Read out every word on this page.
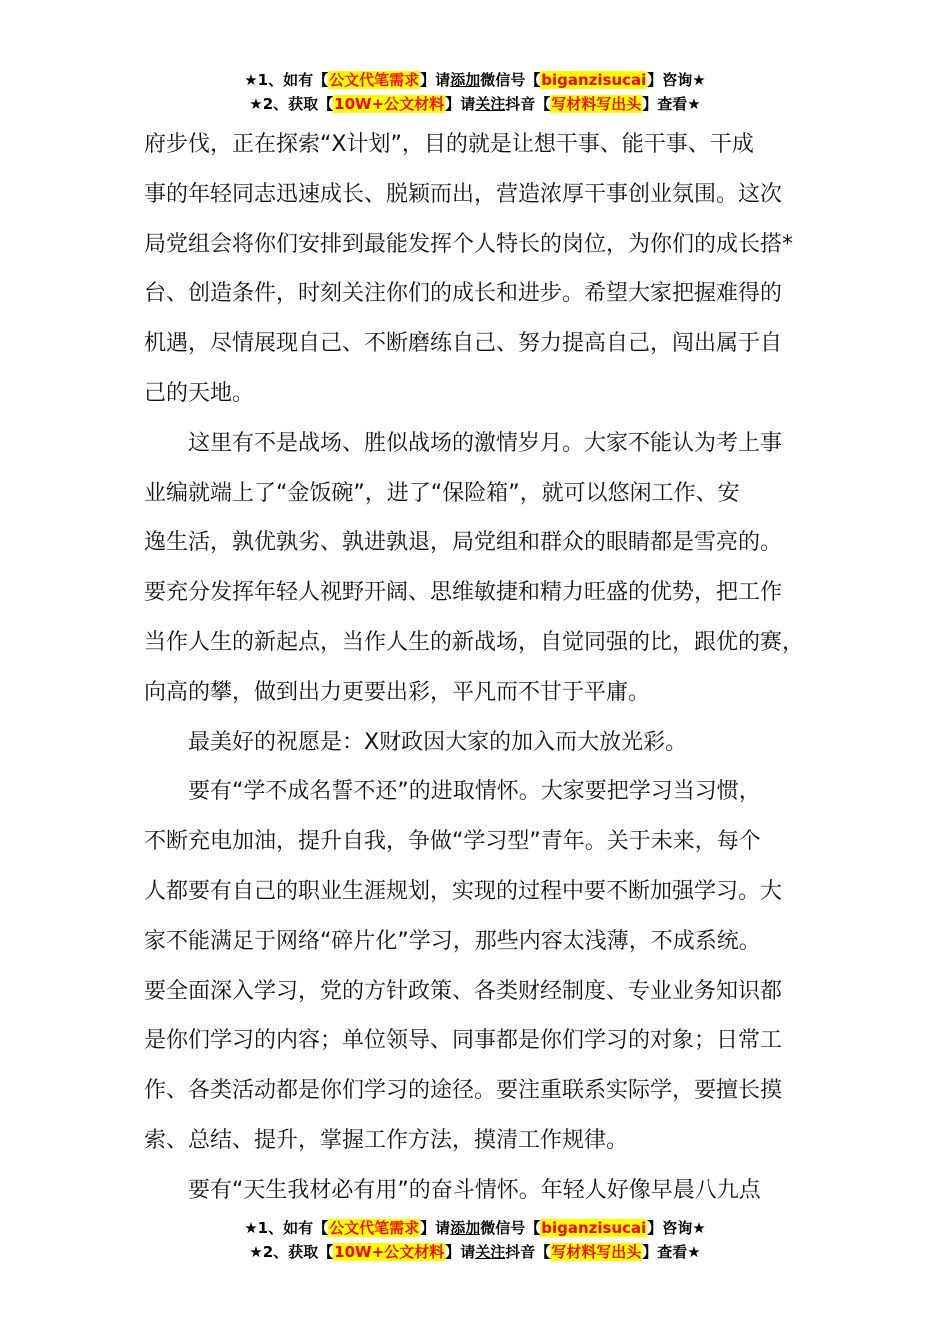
★1、如有【公文代笔需求】请添加微信号【biganzisucai】咨询★
★2、获取【10W+公文材料】请关注抖音【写材料写出头】查看★
府步伐，正在探索“X计划”，目的就是让想干事、能干事、干成
事的年轻同志迅速成长、脱颖而出，营造浓厚干事创业氛围。这次
局党组会将你们安排到最能发挥个人特长的岗位，为你们的成长搭*
台、创造条件，时刻关注你们的成长和进步。希望大家把握难得的
机遇，尽情展现自己、不断磨练自己、努力提高自己，闯出属于自
己的天地。
这里有不是战场、胜似战场的激情岁月。大家不能认为考上事
业编就端上了“金饭碗”，进了“保险箱”，就可以悠闲工作、安
逸生活，孰优孰劣、孰进孰退，局党组和群众的眼睛都是雪亮的。
要充分发挥年轻人视野开阔、思维敏捷和精力旺盛的优势，把工作
当作人生的新起点，当作人生的新战场，自觉同强的比，跟优的赛，
向高的攀，做到出力更要出彩，平凡而不甘于平庸。
最美好的祝愿是：X财政因大家的加入而大放光彩。
要有“学不成名誓不还”的进取情怀。大家要把学习当习惯，
不断充电加油，提升自我，争做“学习型”青年。关于未来，每个
人都要有自己的职业生涯规划，实现的过程中要不断加强学习。大
家不能满足于网络“碎片化”学习，那些内容太浅薄，不成系统。
要全面深入学习，党的方针政策、各类财经制度、专业业务知识都
是你们学习的内容；单位领导、同事都是你们学习的对象；日常工
作、各类活动都是你们学习的途径。要注重联系实际学，要擅长摸
索、总结、提升，掌握工作方法，摸清工作规律。
要有“天生我材必有用”的奋斗情怀。年轻人好像早晨八九点
★1、如有【公文代笔需求】请添加微信号【biganzisucai】咨询★
★2、获取【10W+公文材料】请关注抖音【写材料写出头】查看★
